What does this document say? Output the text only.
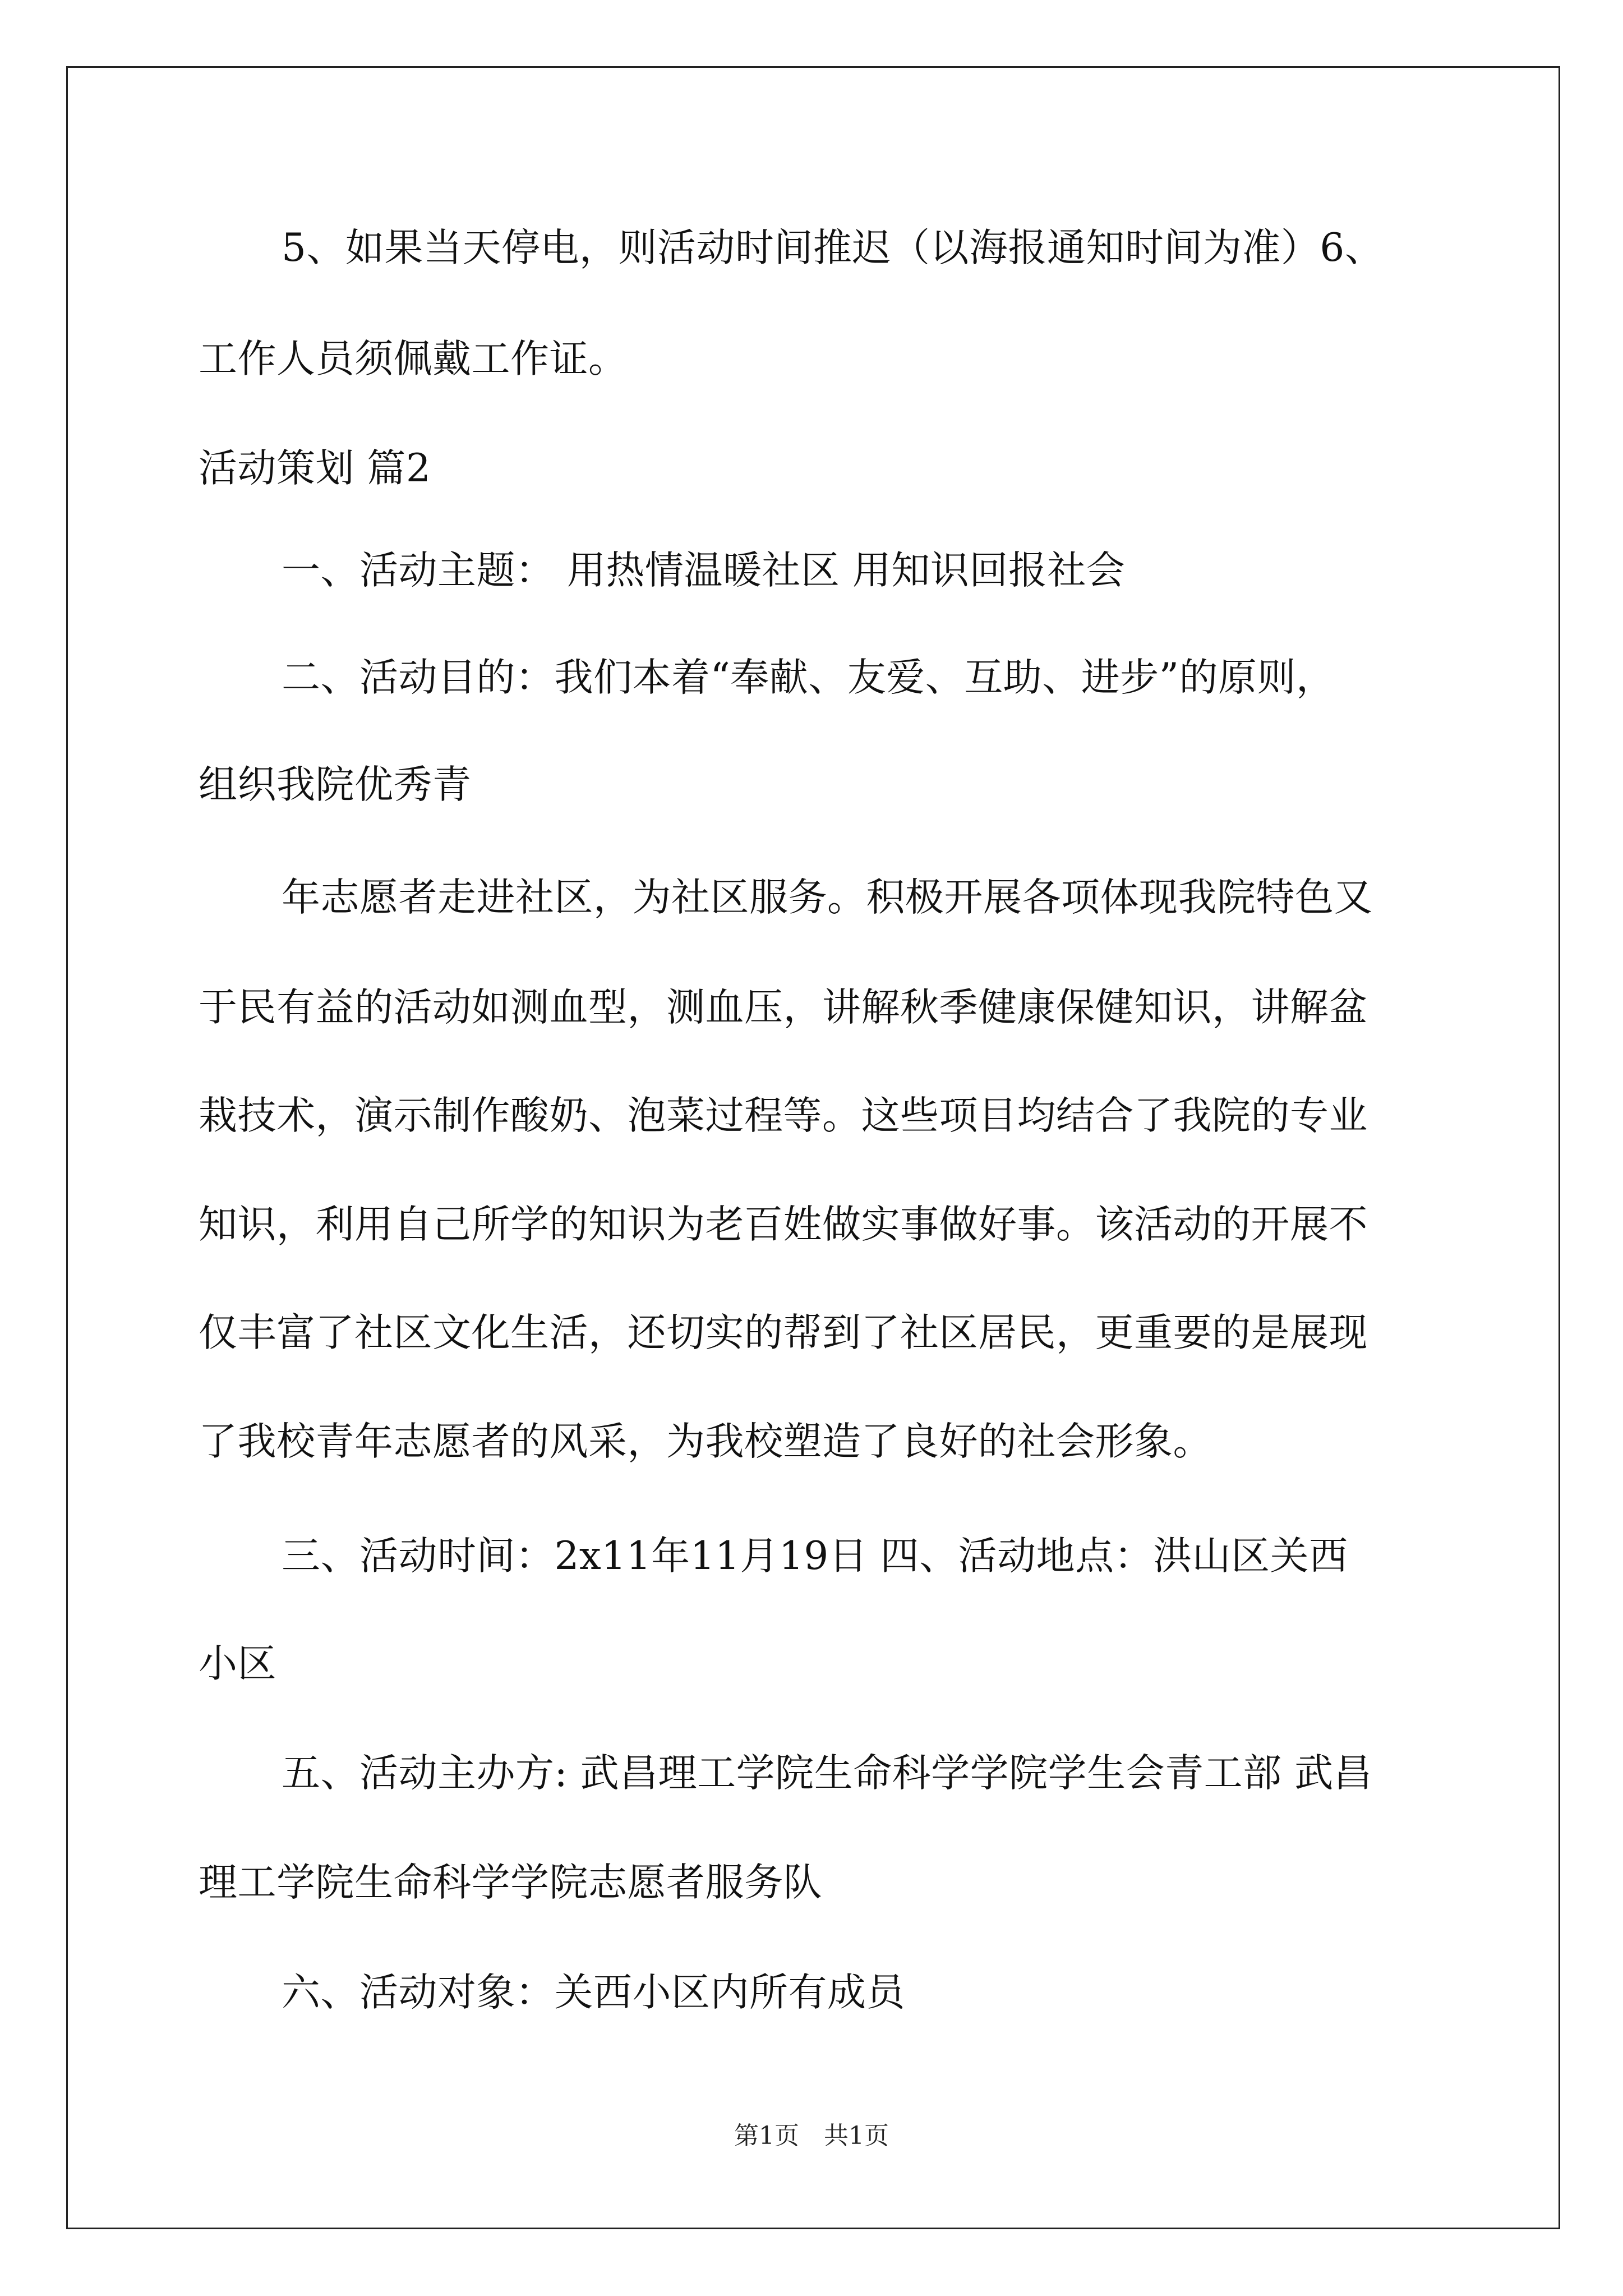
5、如果当天停电，则活动时间推迟（以海报通知时间为准）6、
工作人员须佩戴工作证。
活动策划 篇2
一、活动主题： 用热情温暖社区 用知识回报社会
二、活动目的：我们本着“奉献、友爱、互助、进步”的原则，
组织我院优秀青
年志愿者走进社区，为社区服务。积极开展各项体现我院特色又
于民有益的活动如测血型，测血压，讲解秋季健康保健知识，讲解盆
栽技术，演示制作酸奶、泡菜过程等。这些项目均结合了我院的专业
知识，利用自己所学的知识为老百姓做实事做好事。该活动的开展不
仅丰富了社区文化生活，还切实的帮到了社区居民，更重要的是展现
了我校青年志愿者的风采，为我校塑造了良好的社会形象。
三、活动时间：2x11年11月19日 四、活动地点：洪山区关西
小区
五、活动主办方: 武昌理工学院生命科学学院学生会青工部 武昌
理工学院生命科学学院志愿者服务队
六、活动对象：关西小区内所有成员
第1页　共1页
